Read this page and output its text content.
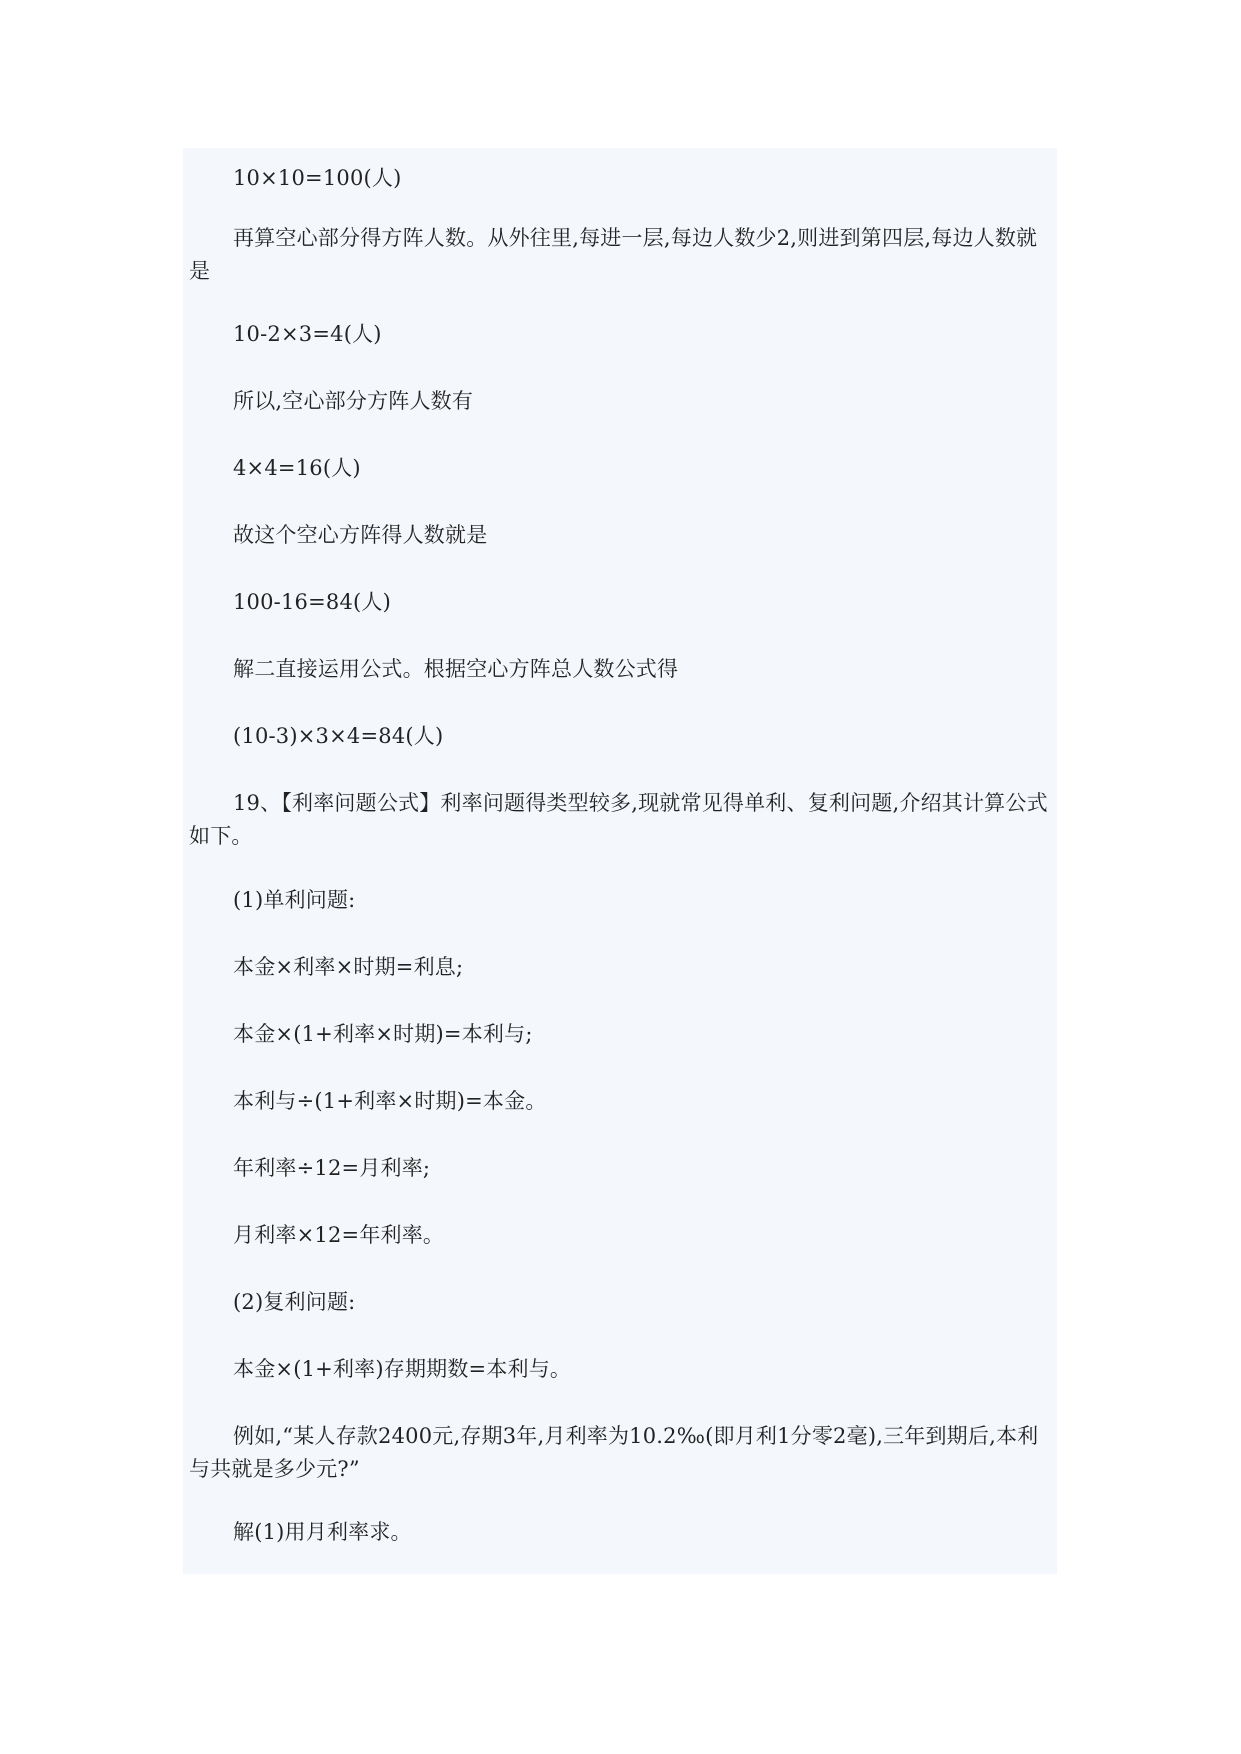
10×10=100(人)

再算空心部分得方阵人数。从外往里,每进一层,每边人数少2,则进到第四层,每边人数就是

10-2×3=4(人)

所以,空心部分方阵人数有

4×4=16(人)

故这个空心方阵得人数就是

100-16=84(人)

解二直接运用公式。根据空心方阵总人数公式得

(10-3)×3×4=84(人)

19、【利率问题公式】利率问题得类型较多,现就常见得单利、复利问题,介绍其计算公式如下。

(1)单利问题:

本金×利率×时期=利息;

本金×(1+利率×时期)=本利与;

本利与÷(1+利率×时期)=本金。

年利率÷12=月利率;

月利率×12=年利率。

(2)复利问题:

本金×(1+利率)存期期数=本利与。

例如,“某人存款2400元,存期3年,月利率为10.2‰(即月利1分零2毫),三年到期后,本利与共就是多少元?”

解(1)用月利率求。
